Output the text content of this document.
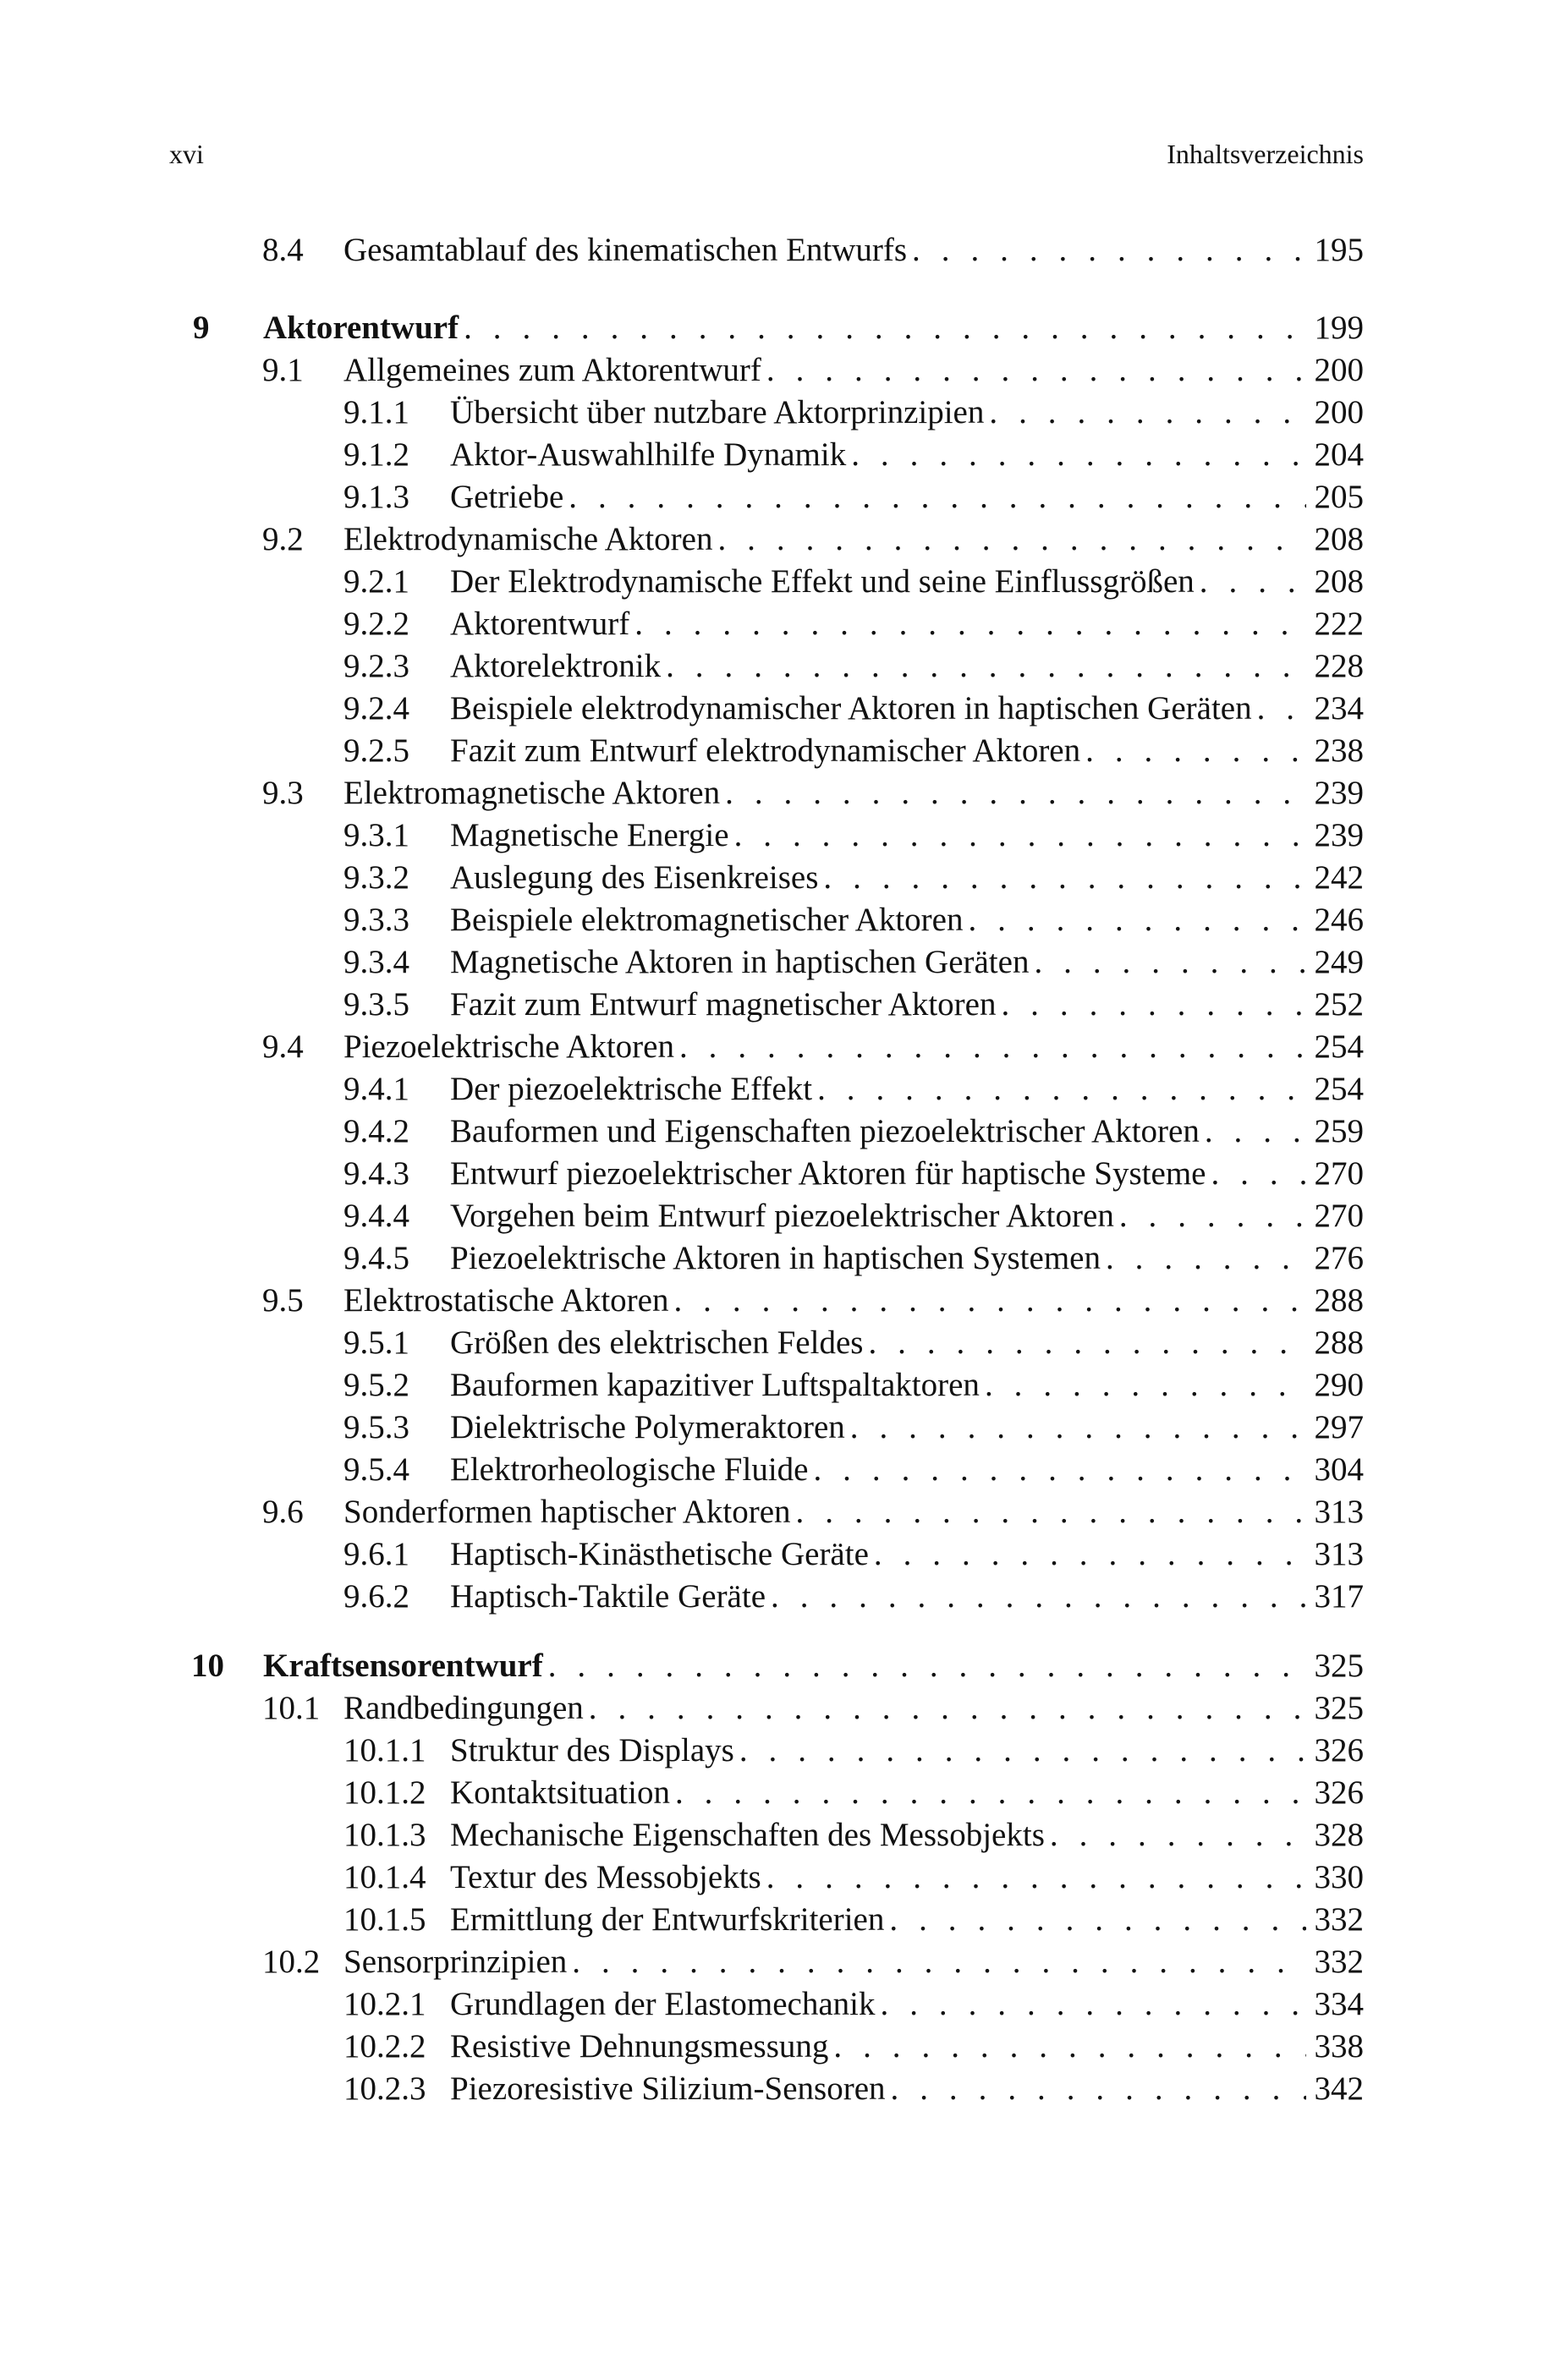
xvi	Inhaltsverzeichnis
8.4 Gesamtablauf des kinematischen Entwurfs . . .	195
9 Aktorentwurf . . .	199
9.1 Allgemeines zum Aktorentwurf . . .	200
9.1.1 Übersicht über nutzbare Aktorprinzipien . . .	200
9.1.2 Aktor-Auswahlhilfe Dynamik . . .	204
9.1.3 Getriebe . . .	205
9.2 Elektrodynamische Aktoren . . .	208
9.2.1 Der Elektrodynamische Effekt und seine Einflussgrößen . . .	208
9.2.2 Aktorentwurf . . .	222
9.2.3 Aktorelektronik . . .	228
9.2.4 Beispiele elektrodynamischer Aktoren in haptischen Geräten . . . 234
9.2.5 Fazit zum Entwurf elektrodynamischer Aktoren . . .	238
9.3 Elektromagnetische Aktoren . . .	239
9.3.1 Magnetische Energie . . .	239
9.3.2 Auslegung des Eisenkreises . . .	242
9.3.3 Beispiele elektromagnetischer Aktoren . . .	246
9.3.4 Magnetische Aktoren in haptischen Geräten . . .	249
9.3.5 Fazit zum Entwurf magnetischer Aktoren . . .	252
9.4 Piezoelektrische Aktoren . . .	254
9.4.1 Der piezoelektrische Effekt . . .	254
9.4.2 Bauformen und Eigenschaften piezoelektrischer Aktoren . . .	259
9.4.3 Entwurf piezoelektrischer Aktoren für haptische Systeme . . .	270
9.4.4 Vorgehen beim Entwurf piezoelektrischer Aktoren . . .	270
9.4.5 Piezoelektrische Aktoren in haptischen Systemen . . .	276
9.5 Elektrostatische Aktoren . . .	288
9.5.1 Größen des elektrischen Feldes . . .	288
9.5.2 Bauformen kapazitiver Luftspaltaktoren . . .	290
9.5.3 Dielektrische Polymeraktoren . . .	297
9.5.4 Elektrorheologische Fluide . . .	304
9.6 Sonderformen haptischer Aktoren . . .	313
9.6.1 Haptisch-Kinästhetische Geräte . . .	313
9.6.2 Haptisch-Taktile Geräte . . .	317
10 Kraftsensorentwurf . . .	325
10.1 Randbedingungen . . .	325
10.1.1 Struktur des Displays . . .	326
10.1.2 Kontaktsituation . . .	326
10.1.3 Mechanische Eigenschaften des Messobjekts . . .	328
10.1.4 Textur des Messobjekts . . .	330
10.1.5 Ermittlung der Entwurfskriterien . . .	332
10.2 Sensorprinzipien . . .	332
10.2.1 Grundlagen der Elastomechanik . . .	334
10.2.2 Resistive Dehnungsmessung . . .	338
10.2.3 Piezoresistive Silizium-Sensoren . . .	342
